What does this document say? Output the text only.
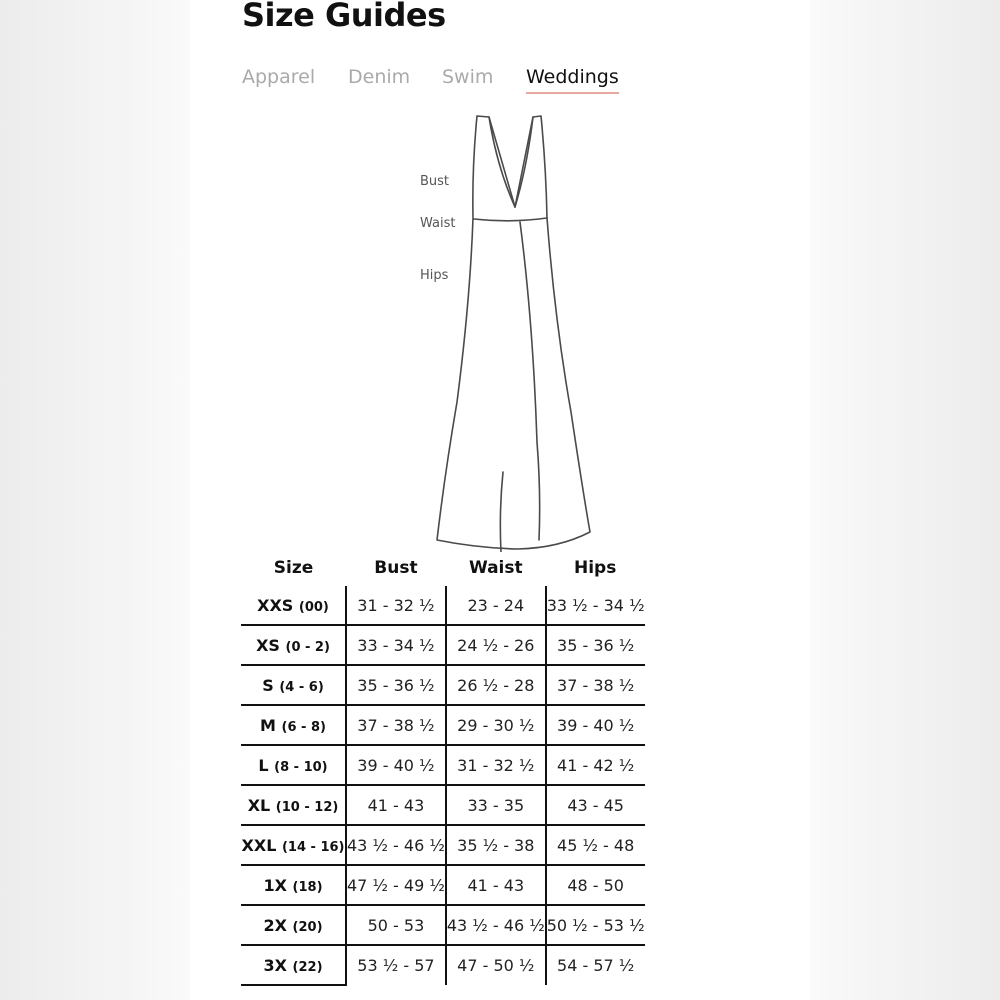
Size Guides
Apparel Denim Swim Weddings
Bust
Waist
Hips
Size	Bust	Waist	Hips
XXS (00)	31 - 32 ½	23 - 24	33 ½ - 34 ½
XS (0 - 2)	33 - 34 ½	24 ½ - 26	35 - 36 ½
S (4 - 6)	35 - 36 ½	26 ½ - 28	37 - 38 ½
M (6 - 8)	37 - 38 ½	29 - 30 ½	39 - 40 ½
L (8 - 10)	39 - 40 ½	31 - 32 ½	41 - 42 ½
XL (10 - 12)	41 - 43	33 - 35	43 - 45
XXL (14 - 16)	43 ½ - 46 ½	35 ½ - 38	45 ½ - 48
1X (18)	47 ½ - 49 ½	41 - 43	48 - 50
2X (20)	50 - 53	43 ½ - 46 ½	50 ½ - 53 ½
3X (22)	53 ½ - 57	47 - 50 ½	54 - 57 ½
